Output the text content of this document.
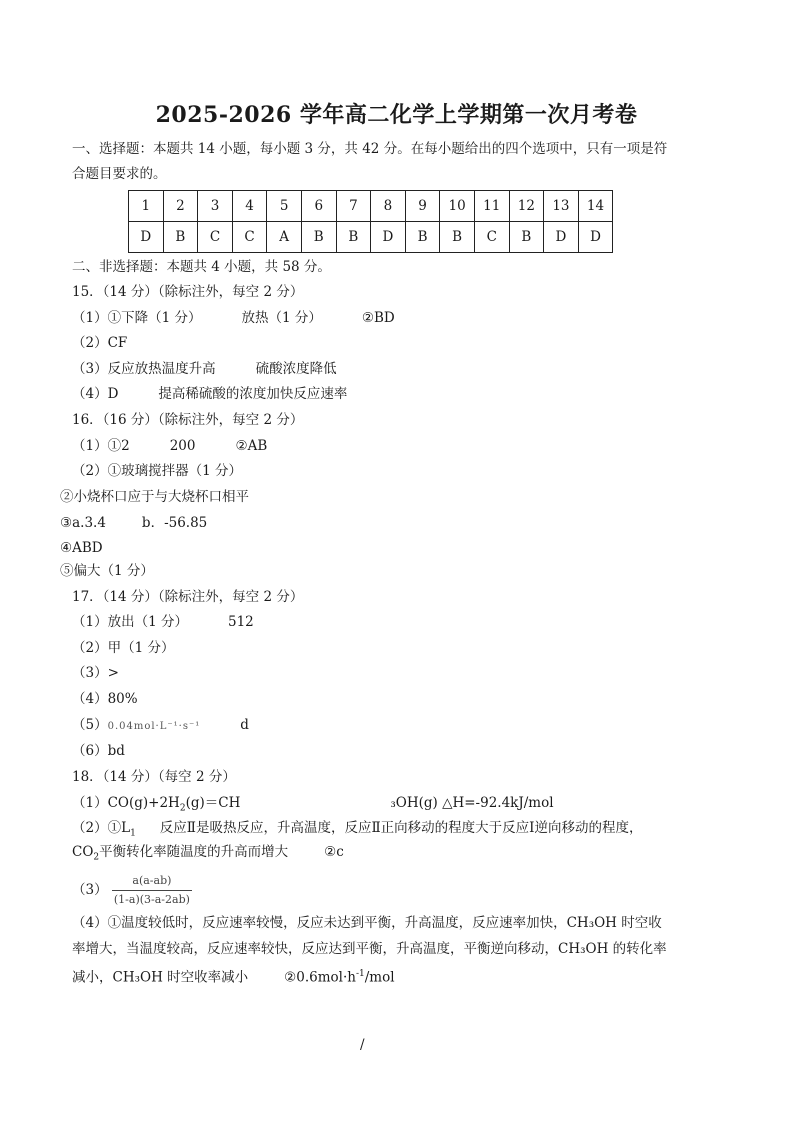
2025-2026 学年高二化学上学期第一次月考卷
一、选择题：本题共 14 小题，每小题 3 分，共 42 分。在每小题给出的四个选项中，只有一项是符
合题目要求的。
1	2	3	4	5	6	7	8	9	10	11	12	13	14
D	B	C	C	A	B	B	D	B	B	C	B	D	D
二、非选择题：本题共 4 小题，共 58 分。
15．（14 分）（除标注外，每空 2 分）
（1）①下降（1 分）	放热（1 分）	②BD
（2）CF
（3）反应放热温度升高	硫酸浓度降低
（4）D	提高稀硫酸的浓度加快反应速率
16．（16 分）（除标注外，每空 2 分）
（1）①2	200	②AB
（2）①玻璃搅拌器（1 分）
②小烧杯口应于与大烧杯口相平
③a.3.4	b．-56.85
④ABD
⑤偏大（1 分）
17．（14 分）（除标注外，每空 2 分）
（1）放出（1 分）	512
（2）甲（1 分）
（3）>
（4）80%
（5）0.04mol·L⁻¹·s⁻¹	d
（6）bd
18．（14 分）（每空 2 分）
$(1)CO(g)+2H_2(g)=CH$	₃OH(g) △H=-92.4kJ/mol
$(2)①L_1$ 反应Ⅱ是吸热反应，升高温度，反应Ⅱ正向移动的程度大于反应Ⅰ逆向移动的程度，
$CO_2$平衡转化率随温度的升高而增大	②c
$(3) \frac{a(a-ab)}{(1-a)(3-a-2ab)}$
（4）①温度较低时，反应速率较慢，反应未达到平衡，升高温度，反应速率加快，CH₃OH 时空收
率增大，当温度较高，反应速率较快，反应达到平衡，升高温度，平衡逆向移动，CH₃OH 的转化率
减小，CH₃OH 时空收率减小	$②0.6mol\cdot h^{-1}$/mol
/
